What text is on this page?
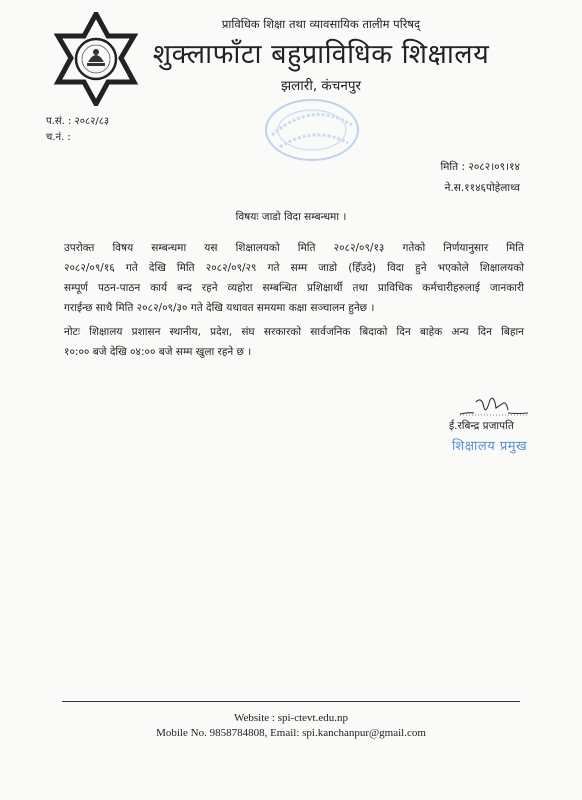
प्राविधिक शिक्षा तथा व्यावसायिक तालीम परिषद्
शुक्लाफाँटा बहुप्राविधिक शिक्षालय
झलारी, कंचनपुर
प.सं. : २०८२/८३
च.नं. :
मिति : २०८२।०९।१४
ने.स.११४६पोहेलाथ्व
विषयः जाडो विदा सम्बन्धमा ।
उपरोक्त विषय सम्बन्धमा यस शिक्षालयको मिति २०८२/०९/१३ गतेको निर्णयानुसार मिति
२०८२/०९/१६ गते देखि मिति २०८२/०९/२९ गते सम्म जाडो (हिँउदे) विदा हुने भएकोले शिक्षालयको
सम्पूर्ण पठन-पाठन कार्य बन्द रहने व्यहोरा सम्बन्धित प्रशिक्षार्थी तथा प्राविधिक कर्मचारीहरुलाई जानकारी
गराईन्छ साथै मिति २०८२/०९/३० गते देखि यथावत समयमा कक्षा सञ्चालन हुनेछ ।
नोटः शिक्षालय प्रशासन स्थानीय, प्रदेश, संघ सरकारको सार्वजनिक बिदाको दिन बाहेक अन्य दिन बिहान
१०:०० बजे देखि ०४:०० बजे सम्म खुला रहने छ ।
ई.रबिन्द्र प्रजापति
शिक्षालय प्रमुख
Website : spi-ctevt.edu.np
Mobile No. 9858784808, Email: spi.kanchanpur@gmail.com
